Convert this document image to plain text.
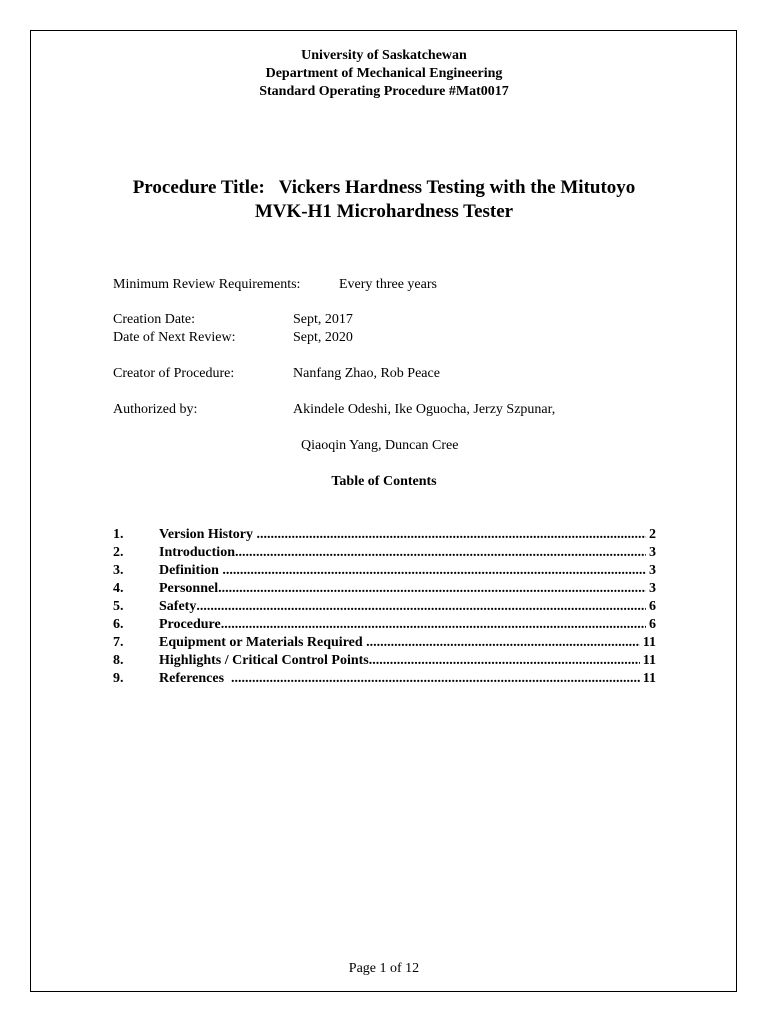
University of Saskatchewan

Department of Mechanical Engineering

Standard Operating Procedure #Mat0017

Procedure Title:   Vickers Hardness Testing with the Mitutoyo

MVK-H1 Microhardness Tester

Minimum Review Requirements:	Every three years
Creation Date:	Sept, 2017
Date of Next Review:	Sept, 2020
Creator of Procedure:	Nanfang Zhao, Rob Peace
Authorized by:	Akindele Odeshi, Ike Oguocha, Jerzy Szpunar,
Qiaoqin Yang, Duncan Cree

Table of Contents

1.	Version History .....	2
2.	Introduction .....	3
3.	Definition .....	3
4.	Personnel .....	3
5.	Safety .....	6
6.	Procedure .....	6
7.	Equipment or Materials Required .....	11
8.	Highlights / Critical Control Points .....	11
9.	References .....	11

Page 1 of 12
